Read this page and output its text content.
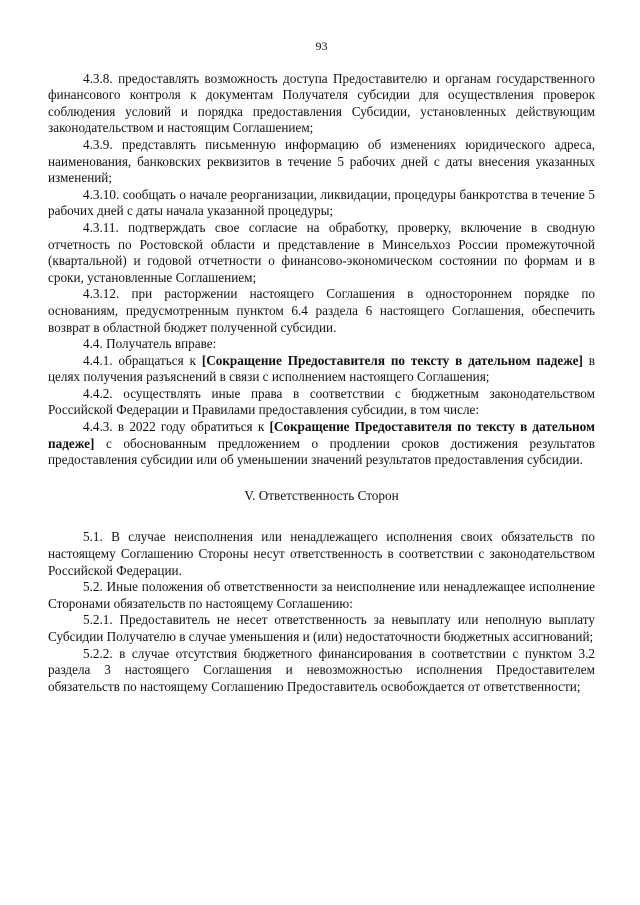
93

4.3.8. предоставлять возможность доступа Предоставителю и органам государственного финансового контроля к документам Получателя субсидии для осуществления проверок соблюдения условий и порядка предоставления Субсидии, установленных действующим законодательством и настоящим Соглашением;

4.3.9. представлять письменную информацию об изменениях юридического адреса, наименования, банковских реквизитов в течение 5 рабочих дней с даты внесения указанных изменений;

4.3.10. сообщать о начале реорганизации, ликвидации, процедуры банкротства в течение 5 рабочих дней с даты начала указанной процедуры;

4.3.11. подтверждать свое согласие на обработку, проверку, включение в сводную отчетность по Ростовской области и представление в Минсельхоз России промежуточной (квартальной) и годовой отчетности о финансово-экономическом состоянии по формам и в сроки, установленные Соглашением;

4.3.12. при расторжении настоящего Соглашения в одностороннем порядке по основаниям, предусмотренным пунктом 6.4 раздела 6 настоящего Соглашения, обеспечить возврат в областной бюджет полученной субсидии.

4.4. Получатель вправе:

4.4.1. обращаться к [Сокращение Предоставителя по тексту в дательном падеже] в целях получения разъяснений в связи с исполнением настоящего Соглашения;

4.4.2. осуществлять иные права в соответствии с бюджетным законодательством Российской Федерации и Правилами предоставления субсидии, в том числе:

4.4.3. в 2022 году обратиться к [Сокращение Предоставителя по тексту в дательном падеже] с обоснованным предложением о продлении сроков достижения результатов предоставления субсидии или об уменьшении значений результатов предоставления субсидии.

V. Ответственность Сторон

5.1. В случае неисполнения или ненадлежащего исполнения своих обязательств по настоящему Соглашению Стороны несут ответственность в соответствии с законодательством Российской Федерации.

5.2. Иные положения об ответственности за неисполнение или ненадлежащее исполнение Сторонами обязательств по настоящему Соглашению:

5.2.1. Предоставитель не несет ответственность за невыплату или неполную выплату Субсидии Получателю в случае уменьшения и (или) недостаточности бюджетных ассигнований;

5.2.2. в случае отсутствия бюджетного финансирования в соответствии с пунктом 3.2 раздела 3 настоящего Соглашения и невозможностью исполнения Предоставителем обязательств по настоящему Соглашению Предоставитель освобождается от ответственности;
